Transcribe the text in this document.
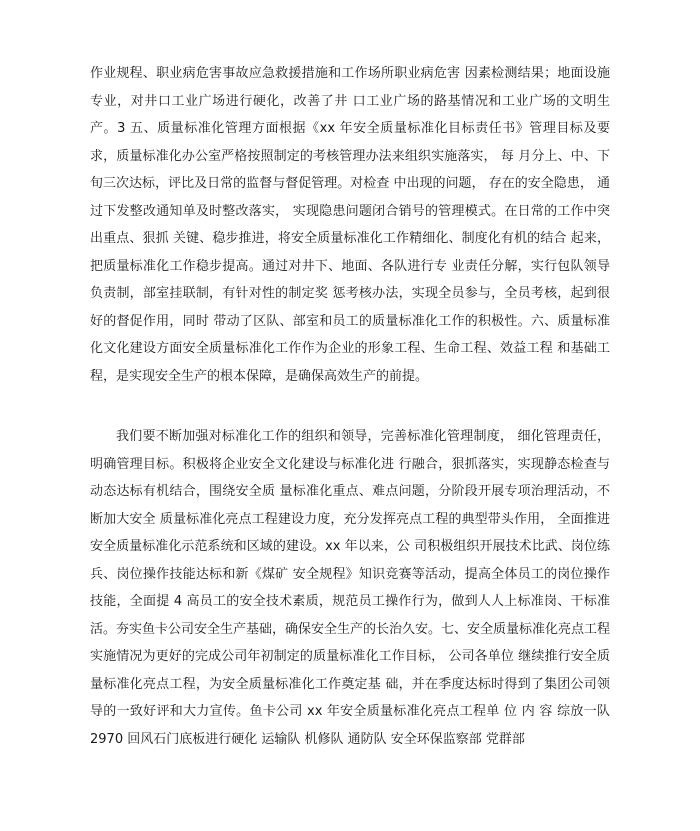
作业规程、职业病危害事故应急救援措施和工作场所职业病危害 因素检测结果；地面设施专业，对井口工业广场进行硬化，改善了井 口工业广场的路基情况和工业广场的文明生产。3 五、质量标准化管理方面根据《xx 年安全质量标准化目标责任书》管理目标及要求，质量标准化办公室严格按照制定的考核管理办法来组织实施落实， 每 月分上、中、下旬三次达标，评比及日常的监督与督促管理。对检查 中出现的问题， 存在的安全隐患， 通过下发整改通知单及时整改落实， 实现隐患问题闭合销号的管理模式。在日常的工作中突出重点、狠抓 关键、稳步推进，将安全质量标准化工作精细化、制度化有机的结合 起来，把质量标准化工作稳步提高。通过对井下、地面、各队进行专 业责任分解，实行包队领导负责制，部室挂联制，有针对性的制定奖 惩考核办法，实现全员参与，全员考核，起到很好的督促作用，同时 带动了区队、部室和员工的质量标准化工作的积极性。六、质量标准化文化建设方面安全质量标准化工作作为企业的形象工程、生命工程、效益工程 和基础工程，是实现安全生产的根本保障，是确保高效生产的前提。

我们要不断加强对标准化工作的组织和领导，完善标准化管理制度， 细化管理责任，明确管理目标。积极将企业安全文化建设与标准化进 行融合，狠抓落实，实现静态检查与动态达标有机结合，围绕安全质 量标准化重点、难点问题，分阶段开展专项治理活动，不断加大安全 质量标准化亮点工程建设力度，充分发挥亮点工程的典型带头作用， 全面推进安全质量标准化示范系统和区域的建设。xx 年以来，公 司积极组织开展技术比武、岗位练兵、岗位操作技能达标和新《煤矿 安全规程》知识竞赛等活动，提高全体员工的岗位操作技能，全面提 4 高员工的安全技术素质，规范员工操作行为，做到人人上标准岗、干标准活。夯实鱼卡公司安全生产基础，确保安全生产的长治久安。七、安全质量标准化亮点工程实施情况为更好的完成公司年初制定的质量标准化工作目标， 公司各单位 继续推行安全质量标准化亮点工程，为安全质量标准化工作奠定基 础，并在季度达标时得到了集团公司领导的一致好评和大力宣传。鱼卡公司 xx 年安全质量标准化亮点工程单 位 内 容 综放一队 2970 回风石门底板进行硬化 运输队 机修队 通防队 安全环保监察部 党群部
